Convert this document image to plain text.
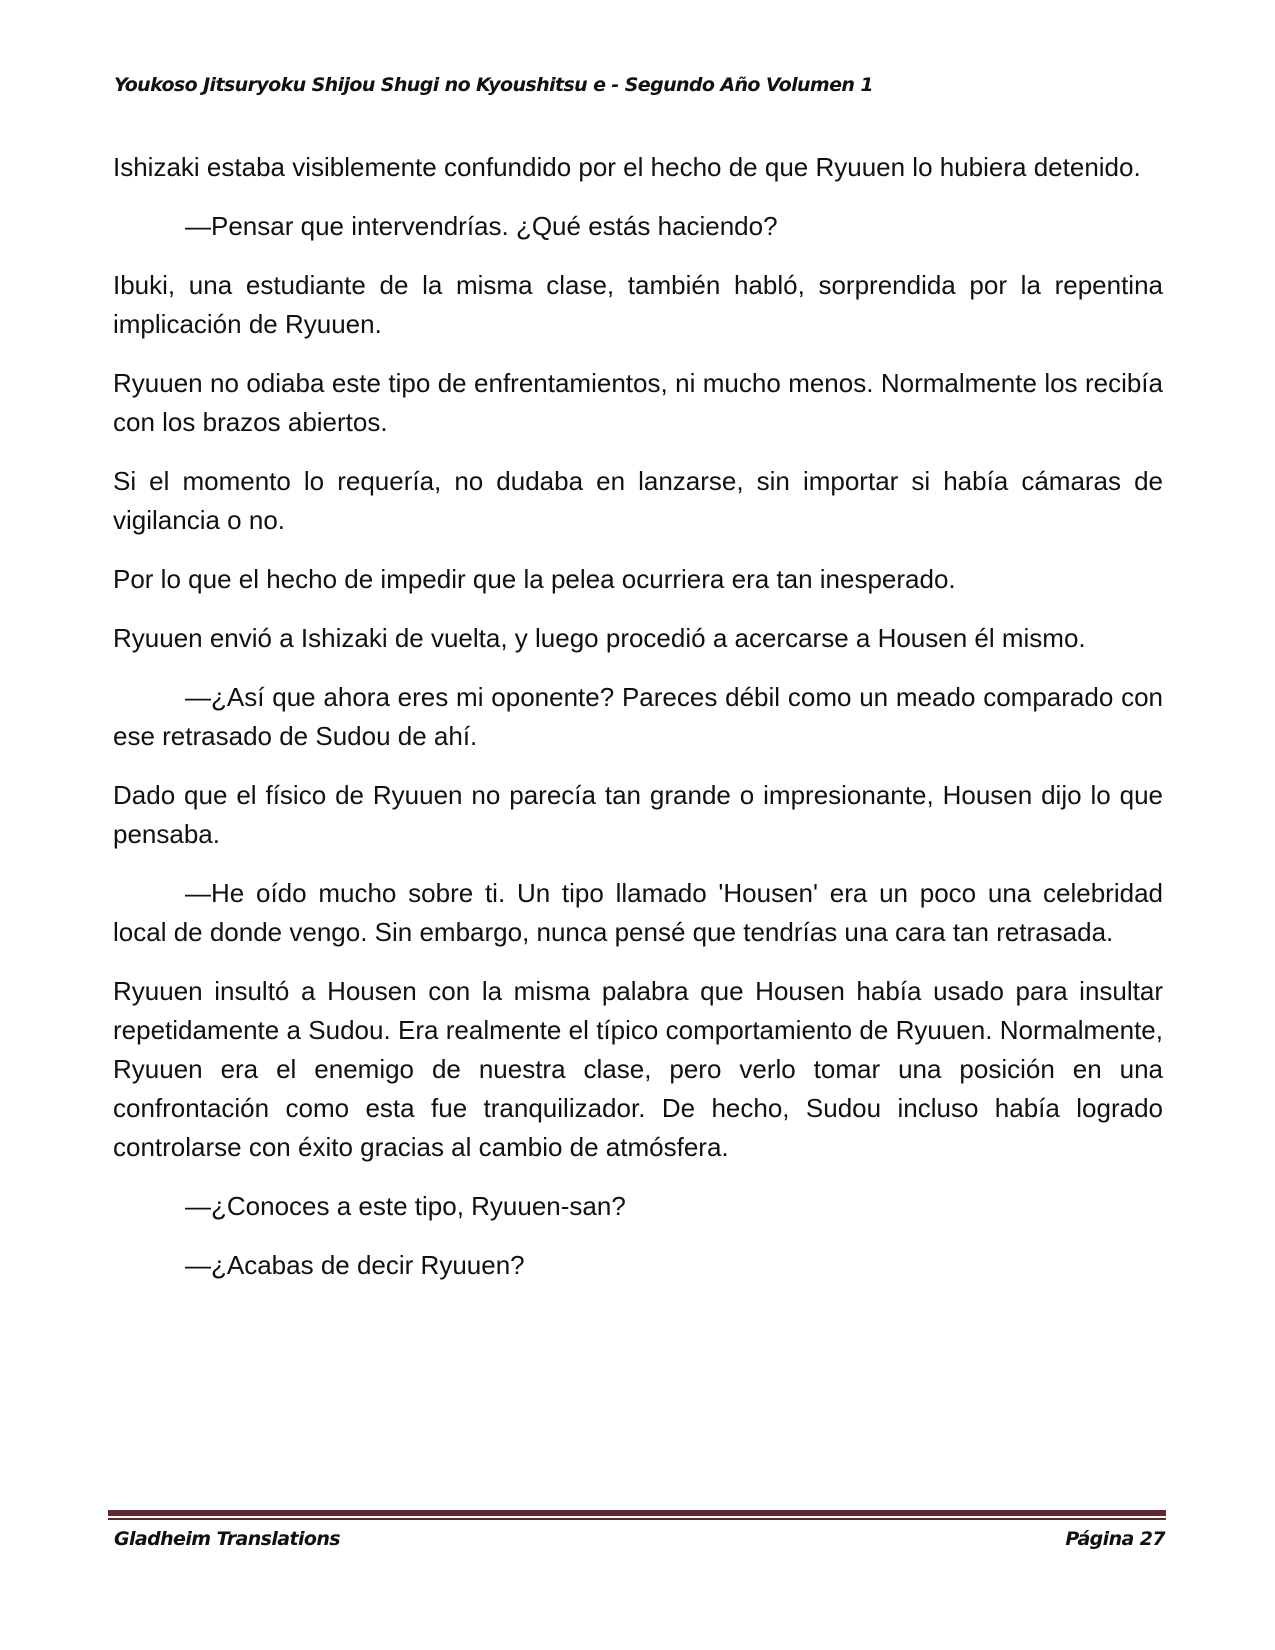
Youkoso Jitsuryoku Shijou Shugi no Kyoushitsu e - Segundo Año Volumen 1

Ishizaki estaba visiblemente confundido por el hecho de que Ryuuen lo hubiera detenido.

—Pensar que intervendrías. ¿Qué estás haciendo?

Ibuki, una estudiante de la misma clase, también habló, sorprendida por la repentina implicación de Ryuuen.

Ryuuen no odiaba este tipo de enfrentamientos, ni mucho menos. Normalmente los recibía con los brazos abiertos.

Si el momento lo requería, no dudaba en lanzarse, sin importar si había cámaras de vigilancia o no.

Por lo que el hecho de impedir que la pelea ocurriera era tan inesperado.

Ryuuen envió a Ishizaki de vuelta, y luego procedió a acercarse a Housen él mismo.

—¿Así que ahora eres mi oponente? Pareces débil como un meado comparado con ese retrasado de Sudou de ahí.

Dado que el físico de Ryuuen no parecía tan grande o impresionante, Housen dijo lo que pensaba.

—He oído mucho sobre ti. Un tipo llamado 'Housen' era un poco una celebridad local de donde vengo. Sin embargo, nunca pensé que tendrías una cara tan retrasada.

Ryuuen insultó a Housen con la misma palabra que Housen había usado para insultar repetidamente a Sudou. Era realmente el típico comportamiento de Ryuuen. Normalmente, Ryuuen era el enemigo de nuestra clase, pero verlo tomar una posición en una confrontación como esta fue tranquilizador. De hecho, Sudou incluso había logrado controlarse con éxito gracias al cambio de atmósfera.

—¿Conoces a este tipo, Ryuuen-san?

—¿Acabas de decir Ryuuen?

Gladheim Translations	Página 27
